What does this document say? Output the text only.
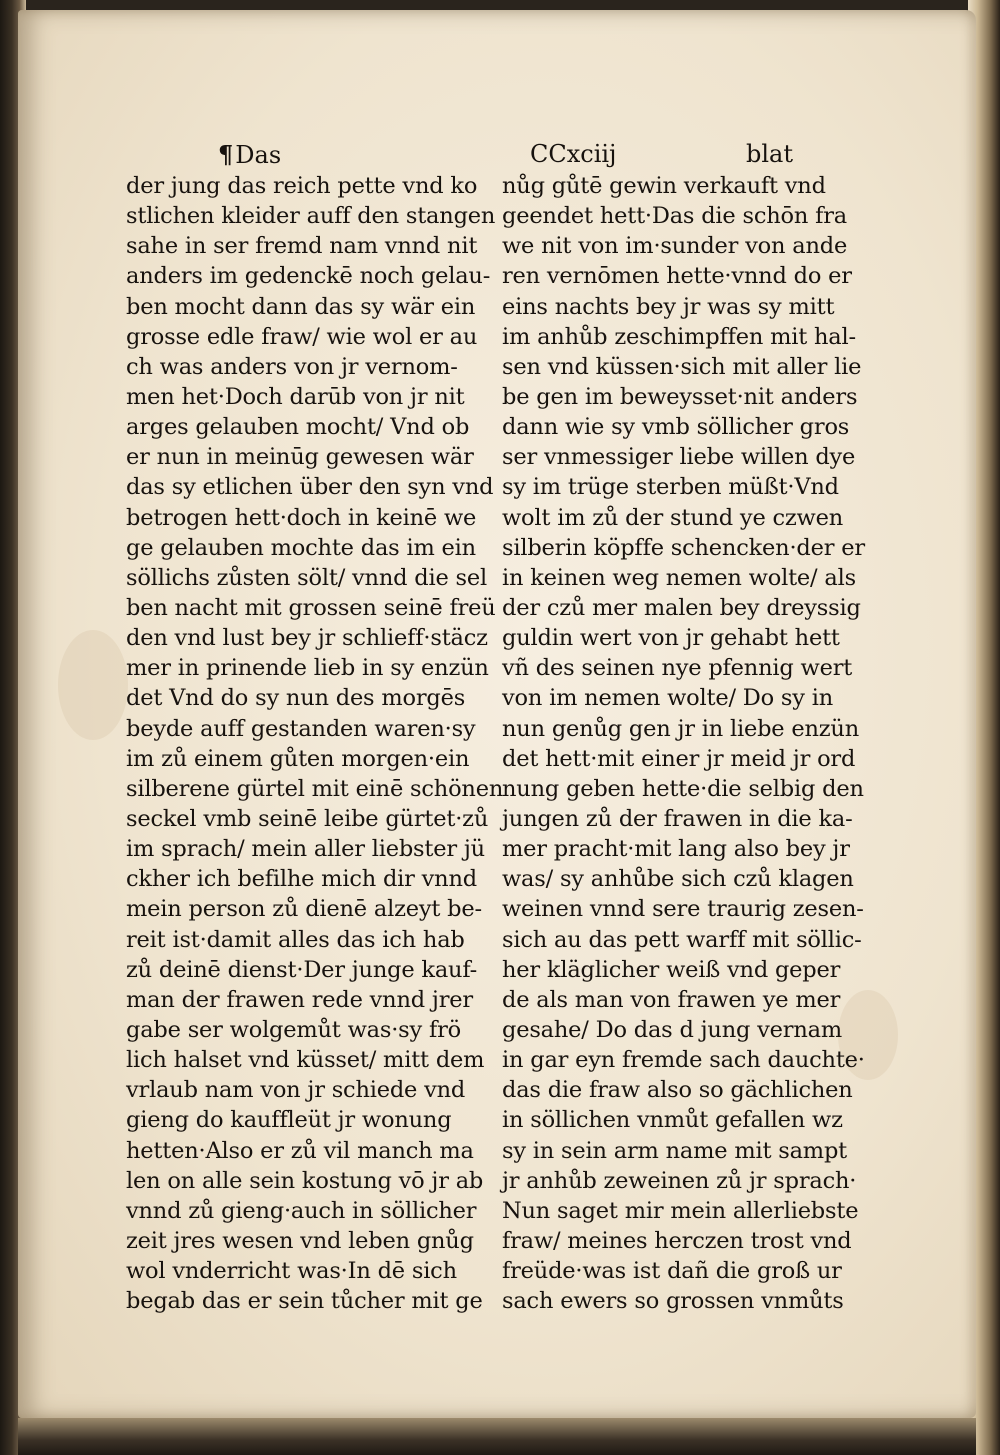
¶Das	CCxciij	blat
der jung das reich pette vnd ko
stlichen kleider auff den stangen
sahe in ser fremd nam vnnd nit
anders im gedenckē noch gelau-
ben mocht dann das sy wär ein
grosse edle fraw/ wie wol er au
ch was anders von jr vernom-
men het·Doch darūb von jr nit
arges gelauben mocht/ Vnd ob
er nun in meinūg gewesen wär
das sy etlichen über den syn vnd
betrogen hett·doch in keinē we
ge gelauben mochte das im ein
söllichs zůsten sölt/ vnnd die sel
ben nacht mit grossen seinē freü
den vnd lust bey jr schlieff·stäcz
mer in prinende lieb in sy enzün
det Vnd do sy nun des morgēs
beyde auff gestanden waren·sy
im zů einem gůten morgen·ein
silberene gürtel mit einē schönen
seckel vmb seinē leibe gürtet·zů
im sprach/ mein aller liebster jü
ckher ich befilhe mich dir vnnd
mein person zů dienē alzeyt be-
reit ist·damit alles das ich hab
zů deinē dienst·Der junge kauf-
man der frawen rede vnnd jrer
gabe ser wolgemůt was·sy frö
lich halset vnd küsset/ mitt dem
vrlaub nam von jr schiede vnd
gieng do kauffleüt jr wonung
hetten·Also er zů vil manch ma
len on alle sein kostung vō jr ab
vnnd zů gieng·auch in söllicher
zeit jres wesen vnd leben gnůg
wol vnderricht was·In dē sich
begab das er sein tůcher mit ge
nůg gůtē gewin verkauft vnd
geendet hett·Das die schōn fra
we nit von im·sunder von ande
ren vernōmen hette·vnnd do er
eins nachts bey jr was sy mitt
im anhůb zeschimpffen mit hal-
sen vnd küssen·sich mit aller lie
be gen im beweysset·nit anders
dann wie sy vmb söllicher gros
ser vnmessiger liebe willen dye
sy im trüge sterben müßt·Vnd
wolt im zů der stund ye czwen
silberin köpffe schencken·der er
in keinen weg nemen wolte/ als
der czů mer malen bey dreyssig
guldin wert von jr gehabt hett
vñ des seinen nye pfennig wert
von im nemen wolte/ Do sy in
nun genůg gen jr in liebe enzün
det hett·mit einer jr meid jr ord
nung geben hette·die selbig den
jungen zů der frawen in die ka-
mer pracht·mit lang also bey jr
was/ sy anhůbe sich czů klagen
weinen vnnd sere traurig zesen-
sich au das pett warff mit söllic-
her kläglicher weiß vnd geper
de als man von frawen ye mer
gesahe/ Do das d jung vernam
in gar eyn fremde sach dauchte·
das die fraw also so gächlichen
in söllichen vnmůt gefallen wz
sy in sein arm name mit sampt
jr anhůb zeweinen zů jr sprach·
Nun saget mir mein allerliebste
fraw/ meines herczen trost vnd
freüde·was ist dañ die groß ur
sach ewers so grossen vnmůts
